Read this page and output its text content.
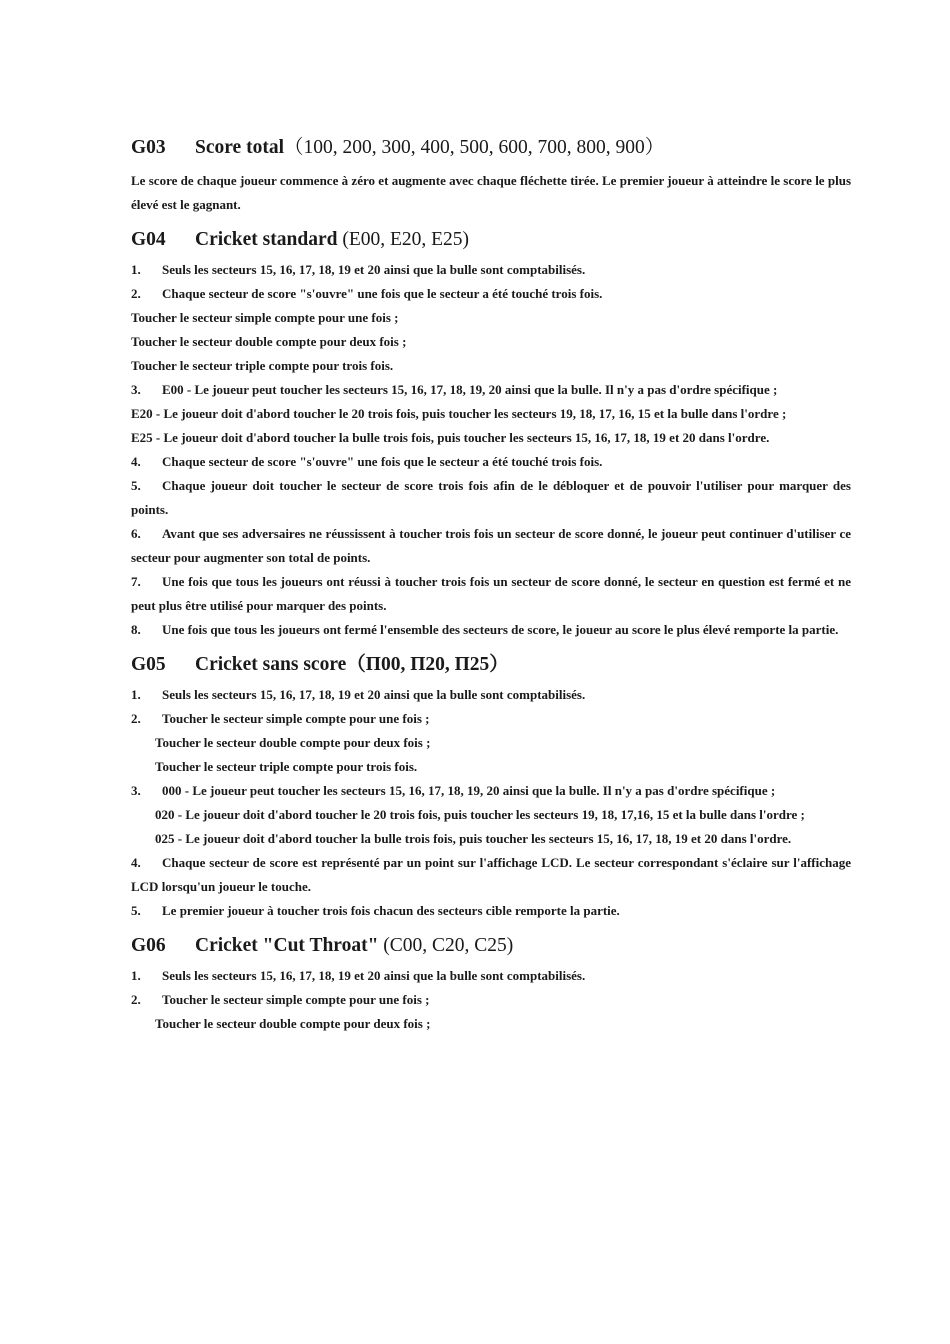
G03 Score total（100, 200, 300, 400, 500, 600, 700, 800, 900）

Le score de chaque joueur commence à zéro et augmente avec chaque fléchette tirée. Le premier joueur à atteindre le score le plus élevé est le gagnant.

G04 Cricket standard (E00, E20, E25)

1. Seuls les secteurs 15, 16, 17, 18, 19 et 20 ainsi que la bulle sont comptabilisés.

2. Chaque secteur de score "s'ouvre" une fois que le secteur a été touché trois fois.

Toucher le secteur simple compte pour une fois ;

Toucher le secteur double compte pour deux fois ;

Toucher le secteur triple compte pour trois fois.

3. E00 - Le joueur peut toucher les secteurs 15, 16, 17, 18, 19, 20 ainsi que la bulle. Il n'y a pas d'ordre spécifique ;

E20 - Le joueur doit d'abord toucher le 20 trois fois, puis toucher les secteurs 19, 18, 17, 16, 15 et la bulle dans l'ordre ;

E25 - Le joueur doit d'abord toucher la bulle trois fois, puis toucher les secteurs 15, 16, 17, 18, 19 et 20 dans l'ordre.

4. Chaque secteur de score "s'ouvre" une fois que le secteur a été touché trois fois.

5. Chaque joueur doit toucher le secteur de score trois fois afin de le débloquer et de pouvoir l'utiliser pour marquer des points.

6. Avant que ses adversaires ne réussissent à toucher trois fois un secteur de score donné, le joueur peut continuer d'utiliser ce secteur pour augmenter son total de points.

7. Une fois que tous les joueurs ont réussi à toucher trois fois un secteur de score donné, le secteur en question est fermé et ne peut plus être utilisé pour marquer des points.

8. Une fois que tous les joueurs ont fermé l'ensemble des secteurs de score, le joueur au score le plus élevé remporte la partie.

G05 Cricket sans score（П00, П20, П25）

1. Seuls les secteurs 15, 16, 17, 18, 19 et 20 ainsi que la bulle sont comptabilisés.

2. Toucher le secteur simple compte pour une fois ;

Toucher le secteur double compte pour deux fois ;

Toucher le secteur triple compte pour trois fois.

3. 000 - Le joueur peut toucher les secteurs 15, 16, 17, 18, 19, 20 ainsi que la bulle. Il n'y a pas d'ordre spécifique ;

020 - Le joueur doit d'abord toucher le 20 trois fois, puis toucher les secteurs 19, 18, 17,16, 15 et la bulle dans l'ordre ;

025 - Le joueur doit d'abord toucher la bulle trois fois, puis toucher les secteurs 15, 16, 17, 18, 19 et 20 dans l'ordre.

4. Chaque secteur de score est représenté par un point sur l'affichage LCD. Le secteur correspondant s'éclaire sur l'affichage LCD lorsqu'un joueur le touche.

5. Le premier joueur à toucher trois fois chacun des secteurs cible remporte la partie.

G06 Cricket "Cut Throat" (C00, C20, C25)

1. Seuls les secteurs 15, 16, 17, 18, 19 et 20 ainsi que la bulle sont comptabilisés.

2. Toucher le secteur simple compte pour une fois ;

Toucher le secteur double compte pour deux fois ;
